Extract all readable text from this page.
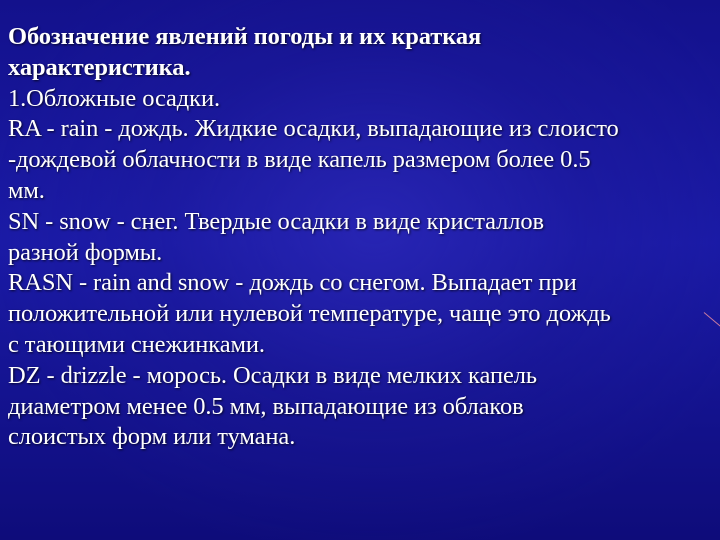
Обозначение явлений погоды и их краткая
характеристика.
1.Обложные осадки.
RA - rain - дождь. Жидкие осадки, выпадающие из слоисто
-дождевой облачности в виде капель размером более 0.5
мм.
SN - snow - снег. Твердые осадки в виде кристаллов
разной формы.
RASN - rain and snow - дождь со снегом. Выпадает при
положительной или нулевой температуре, чаще это дождь
с тающими снежинками.
DZ - drizzle - морось. Осадки в виде мелких капель
диаметром менее 0.5 мм, выпадающие из облаков
слоистых форм или тумана.
